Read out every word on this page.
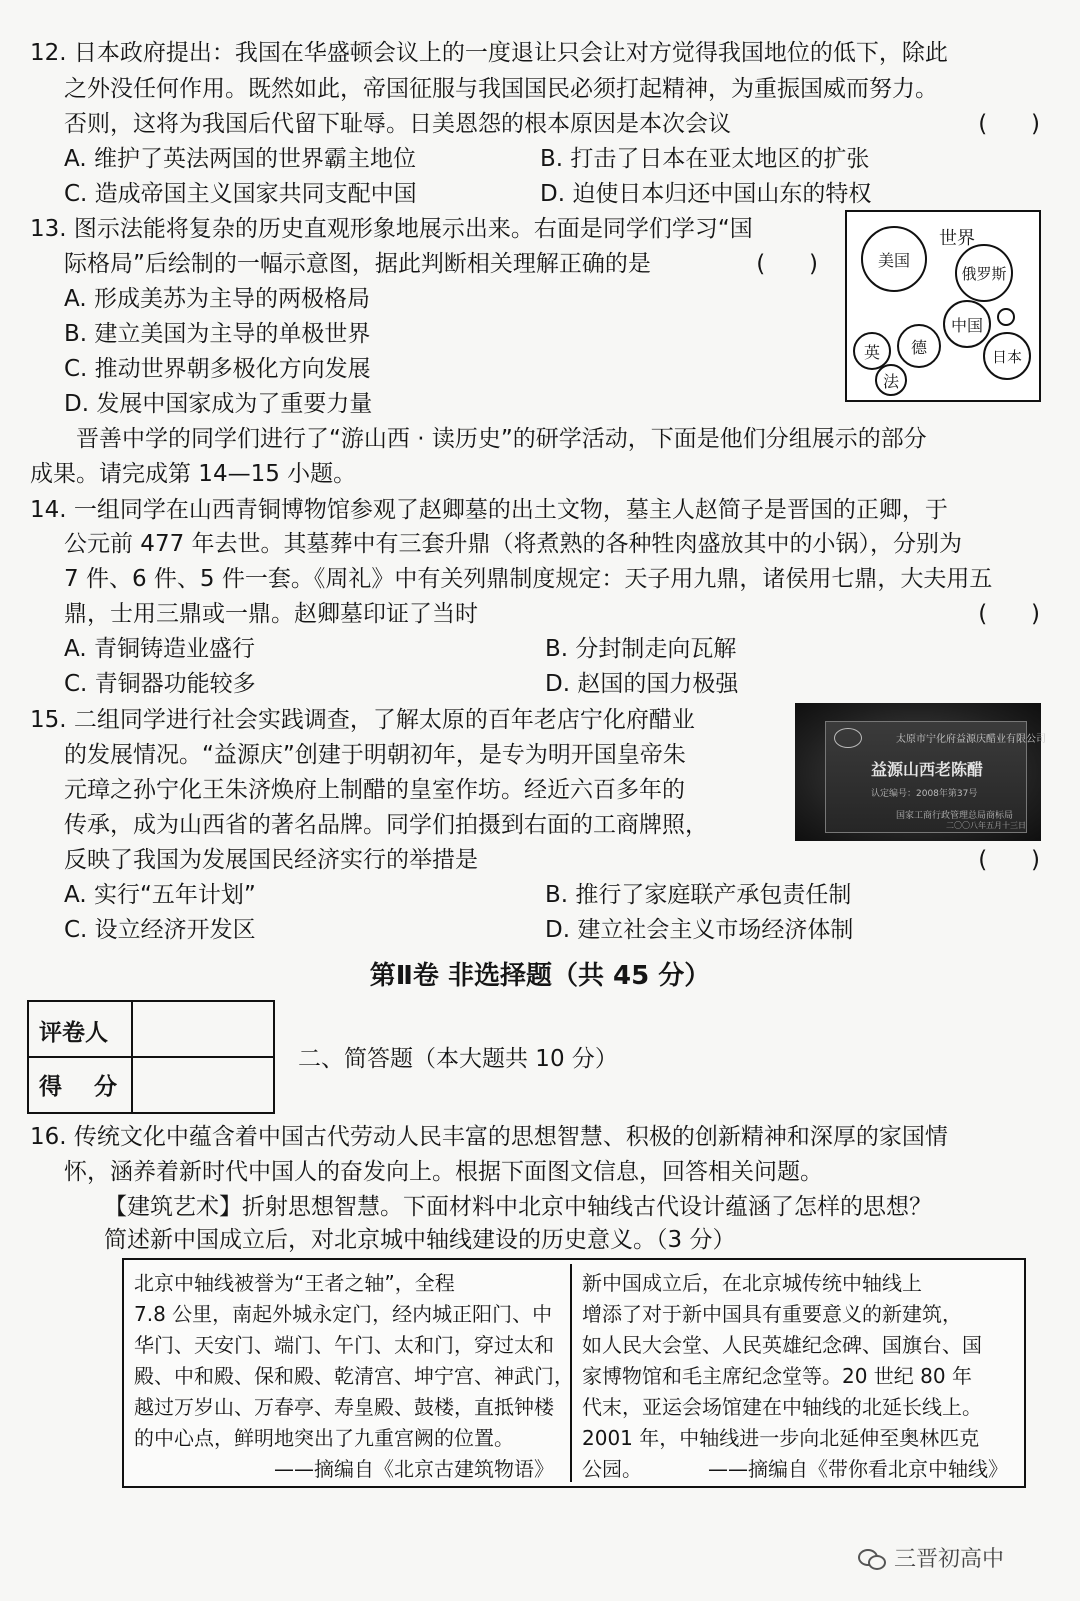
12. 日本政府提出：我国在华盛顿会议上的一度退让只会让对方觉得我国地位的低下，除此
之外没任何作用。既然如此，帝国征服与我国国民必须打起精神，为重振国威而努力。
否则，这将为我国后代留下耻辱。日美恩怨的根本原因是本次会议	(      )
A. 维护了英法两国的世界霸主地位	B. 打击了日本在亚太地区的扩张
C. 造成帝国主义国家共同支配中国	D. 迫使日本归还中国山东的特权
13. 图示法能将复杂的历史直观形象地展示出来。右面是同学们学习“国
际格局”后绘制的一幅示意图，据此判断相关理解正确的是	(      )
A. 形成美苏为主导的两极格局
B. 建立美国为主导的单极世界
C. 推动世界朝多极化方向发展
D. 发展中国家成为了重要力量
世界
美国
俄罗斯
中国
德
英
法
日本
晋善中学的同学们进行了“游山西 · 读历史”的研学活动，下面是他们分组展示的部分
成果。请完成第 14—15 小题。
14. 一组同学在山西青铜博物馆参观了赵卿墓的出土文物，墓主人赵简子是晋国的正卿，于
公元前 477 年去世。其墓葬中有三套升鼎（将煮熟的各种牲肉盛放其中的小锅），分别为
7 件、6 件、5 件一套。《周礼》中有关列鼎制度规定：天子用九鼎，诸侯用七鼎，大夫用五
鼎，士用三鼎或一鼎。赵卿墓印证了当时	(      )
A. 青铜铸造业盛行	B. 分封制走向瓦解
C. 青铜器功能较多	D. 赵国的国力极强
15. 二组同学进行社会实践调查，了解太原的百年老店宁化府醋业
的发展情况。“益源庆”创建于明朝初年，是专为明开国皇帝朱
元璋之孙宁化王朱济焕府上制醋的皇室作坊。经近六百多年的
传承，成为山西省的著名品牌。同学们拍摄到右面的工商牌照，
反映了我国为发展国民经济实行的举措是	(      )
A. 实行“五年计划”	B. 推行了家庭联产承包责任制
C. 设立经济开发区	D. 建立社会主义市场经济体制
太原市宁化府益源庆醋业有限公司
益源山西老陈醋
认定编号：2008年第37号
国家工商行政管理总局商标局
二〇〇八年五月十三日
第Ⅱ卷 非选择题（共 45 分）
评卷人
得    分
二、简答题（本大题共 10 分）
16. 传统文化中蕴含着中国古代劳动人民丰富的思想智慧、积极的创新精神和深厚的家国情
怀，涵养着新时代中国人的奋发向上。根据下面图文信息，回答相关问题。
【建筑艺术】折射思想智慧。下面材料中北京中轴线古代设计蕴涵了怎样的思想？
简述新中国成立后，对北京城中轴线建设的历史意义。（3 分）
北京中轴线被誉为“王者之轴”，全程
7.8 公里，南起外城永定门，经内城正阳门、中
华门、天安门、端门、午门、太和门，穿过太和
殿、中和殿、保和殿、乾清宫、坤宁宫、神武门，
越过万岁山、万春亭、寿皇殿、鼓楼，直抵钟楼
的中心点，鲜明地突出了九重宫阙的位置。
——摘编自《北京古建筑物语》
新中国成立后，在北京城传统中轴线上
增添了对于新中国具有重要意义的新建筑，
如人民大会堂、人民英雄纪念碑、国旗台、国
家博物馆和毛主席纪念堂等。20 世纪 80 年
代末，亚运会场馆建在中轴线的北延长线上。
2001 年，中轴线进一步向北延伸至奥林匹克
公园。	——摘编自《带你看北京中轴线》
三晋初高中
